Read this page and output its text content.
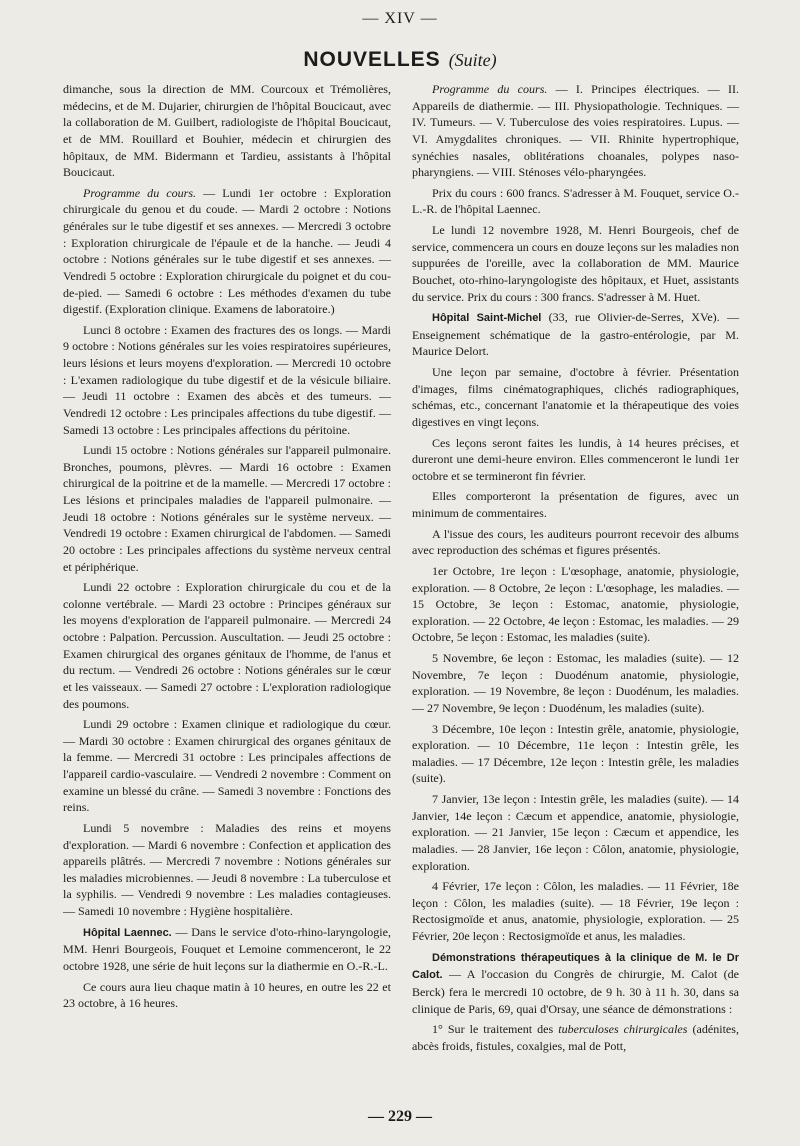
— XIV —
NOUVELLES (Suite)

dimanche, sous la direction de MM. Courcoux et Trémolières, médecins, et de M. Dujarier, chirurgien de l'hôpital Boucicaut, avec la collaboration de M. Guilbert, radiologiste de l'hôpital Boucicaut, et de MM. Rouillard et Bouhier, médecin et chirurgien des hôpitaux, de MM. Bidermann et Tardieu, assistants à l'hôpital Boucicaut.

Programme du cours. — Lundi 1er octobre : Exploration chirurgicale du genou et du coude. — Mardi 2 octobre : Notions générales sur le tube digestif et ses annexes. — Mercredi 3 octobre : Exploration chirurgicale de l'épaule et de la hanche. — Jeudi 4 octobre : Notions générales sur le tube digestif et ses annexes. — Vendredi 5 octobre : Exploration chirurgicale du poignet et du cou-de-pied. — Samedi 6 octobre : Les méthodes d'examen du tube digestif. (Exploration clinique. Examens de laboratoire.)

Lunci 8 octobre : Examen des fractures des os longs. — Mardi 9 octobre : Notions générales sur les voies respiratoires supérieures, leurs lésions et leurs moyens d'exploration. — Mercredi 10 octobre : L'examen radiologique du tube digestif et de la vésicule biliaire. — Jeudi 11 octobre : Examen des abcès et des tumeurs. — Vendredi 12 octobre : Les principales affections du tube digestif. — Samedi 13 octobre : Les principales affections du péritoine.

Lundi 15 octobre : Notions générales sur l'appareil pulmonaire. Bronches, poumons, plèvres. — Mardi 16 octobre : Examen chirurgical de la poitrine et de la mamelle. — Mercredi 17 octobre : Les lésions et principales maladies de l'appareil pulmonaire. — Jeudi 18 octobre : Notions générales sur le système nerveux. — Vendredi 19 octobre : Examen chirurgical de l'abdomen. — Samedi 20 octobre : Les principales affections du système nerveux central et périphérique.

Lundi 22 octobre : Exploration chirurgicale du cou et de la colonne vertébrale. — Mardi 23 octobre : Principes généraux sur les moyens d'exploration de l'appareil pulmonaire. — Mercredi 24 octobre : Palpation. Percussion. Auscultation. — Jeudi 25 octobre : Examen chirurgical des organes génitaux de l'homme, de l'anus et du rectum. — Vendredi 26 octobre : Notions générales sur le cœur et les vaisseaux. — Samedi 27 octobre : L'exploration radiologique des poumons.

Lundi 29 octobre : Examen clinique et radiologique du cœur. — Mardi 30 octobre : Examen chirurgical des organes génitaux de la femme. — Mercredi 31 octobre : Les principales affections de l'appareil cardio-vasculaire. — Vendredi 2 novembre : Comment on examine un blessé du crâne. — Samedi 3 novembre : Fonctions des reins.

Lundi 5 novembre : Maladies des reins et moyens d'exploration. — Mardi 6 novembre : Confection et application des appareils plâtrés. — Mercredi 7 novembre : Notions générales sur les maladies microbiennes. — Jeudi 8 novembre : La tuberculose et la syphilis. — Vendredi 9 novembre : Les maladies contagieuses. — Samedi 10 novembre : Hygiène hospitalière.

Hôpital Laennec. — Dans le service d'oto-rhino-laryngologie, MM. Henri Bourgeois, Fouquet et Lemoine commenceront, le 22 octobre 1928, une série de huit leçons sur la diathermie en O.-R.-L.

Ce cours aura lieu chaque matin à 10 heures, en outre les 22 et 23 octobre, à 16 heures.

Programme du cours. — I. Principes électriques. — II. Appareils de diathermie. — III. Physiopathologie. Techniques. — IV. Tumeurs. — V. Tuberculose des voies respiratoires. Lupus. — VI. Amygdalites chroniques. — VII. Rhinite hypertrophique, synéchies nasales, oblitérations choanales, polypes naso-pharyngiens. — VIII. Sténoses vélo-pharyngées.

Prix du cours : 600 francs. S'adresser à M. Fouquet, service O.-L.-R. de l'hôpital Laennec.

Le lundi 12 novembre 1928, M. Henri Bourgeois, chef de service, commencera un cours en douze leçons sur les maladies non suppurées de l'oreille, avec la collaboration de MM. Maurice Bouchet, oto-rhino-laryngologiste des hôpitaux, et Huet, assistants du service. Prix du cours : 300 francs. S'adresser à M. Huet.

Hôpital Saint-Michel (33, rue Olivier-de-Serres, XVe). — Enseignement schématique de la gastro-entérologie, par M. Maurice Delort.

Une leçon par semaine, d'octobre à février. Présentation d'images, films cinématographiques, clichés radiographiques, schémas, etc., concernant l'anatomie et la thérapeutique des voies digestives en vingt leçons.

Ces leçons seront faites les lundis, à 14 heures précises, et dureront une demi-heure environ. Elles commenceront le lundi 1er octobre et se termineront fin février.

Elles comporteront la présentation de figures, avec un minimum de commentaires.

A l'issue des cours, les auditeurs pourront recevoir des albums avec reproduction des schémas et figures présentés.

1er Octobre, 1re leçon : L'œsophage, anatomie, physiologie, exploration. — 8 Octobre, 2e leçon : L'œsophage, les maladies. — 15 Octobre, 3e leçon : Estomac, anatomie, physiologie, exploration. — 22 Octobre, 4e leçon : Estomac, les maladies. — 29 Octobre, 5e leçon : Estomac, les maladies (suite).

5 Novembre, 6e leçon : Estomac, les maladies (suite). — 12 Novembre, 7e leçon : Duodénum anatomie, physiologie, exploration. — 19 Novembre, 8e leçon : Duodénum, les maladies. — 27 Novembre, 9e leçon : Duodénum, les maladies (suite).

3 Décembre, 10e leçon : Intestin grêle, anatomie, physiologie, exploration. — 10 Décembre, 11e leçon : Intestin grêle, les maladies. — 17 Décembre, 12e leçon : Intestin grêle, les maladies (suite).

7 Janvier, 13e leçon : Intestin grêle, les maladies (suite). — 14 Janvier, 14e leçon : Cæcum et appendice, anatomie, physiologie, exploration. — 21 Janvier, 15e leçon : Cæcum et appendice, les maladies. — 28 Janvier, 16e leçon : Côlon, anatomie, physiologie, exploration.

4 Février, 17e leçon : Côlon, les maladies. — 11 Février, 18e leçon : Côlon, les maladies (suite). — 18 Février, 19e leçon : Rectosigmoïde et anus, anatomie, physiologie, exploration. — 25 Février, 20e leçon : Rectosigmoïde et anus, les maladies.

Démonstrations thérapeutiques à la clinique de M. le Dr Calot. — A l'occasion du Congrès de chirurgie, M. Calot (de Berck) fera le mercredi 10 octobre, de 9 h. 30 à 11 h. 30, dans sa clinique de Paris, 69, quai d'Orsay, une séance de démonstrations :

1° Sur le traitement des tuberculoses chirurgicales (adénites, abcès froids, fistules, coxalgies, mal de Pott,

— 229 —
